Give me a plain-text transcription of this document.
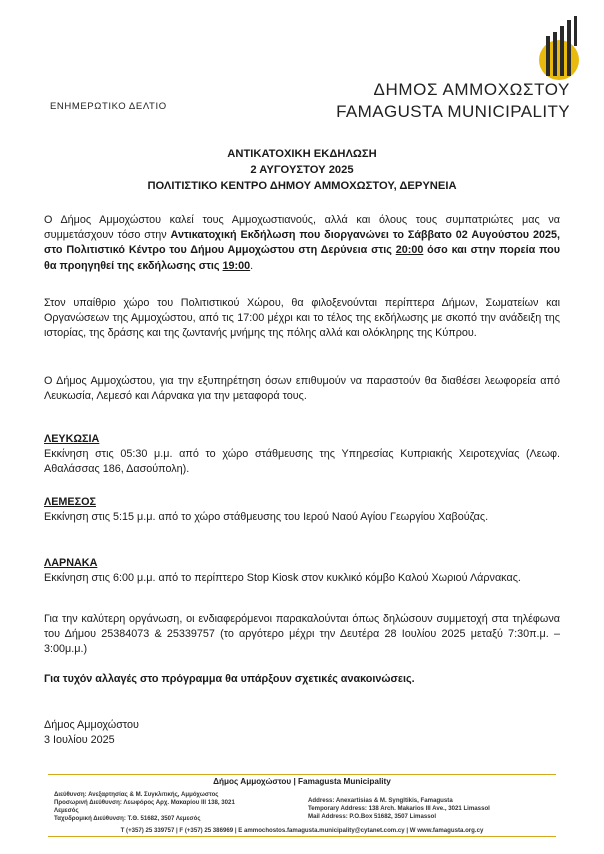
ΔΗΜΟΣ ΑΜΜΟΧΩΣΤΟΥ
FAMAGUSTA MUNICIPALITY
ΕΝΗΜΕΡΩΤΙΚΟ ΔΕΛΤΙΟ
ΑΝΤΙΚΑΤΟΧΙΚΗ ΕΚΔΗΛΩΣΗ
2 ΑΥΓΟΥΣΤΟΥ 2025
ΠΟΛΙΤΙΣΤΙΚΟ ΚΕΝΤΡΟ ΔΗΜΟΥ ΑΜΜΟΧΩΣΤΟΥ, ΔΕΡΥΝΕΙΑ

Ο Δήμος Αμμοχώστου καλεί τους Αμμοχωστιανούς, αλλά και όλους τους συμπατριώτες μας να συμμετάσχουν τόσο στην Αντικατοχική Εκδήλωση που διοργανώνει το Σάββατο 02 Αυγούστου 2025, στο Πολιτιστικό Κέντρο του Δήμου Αμμοχώστου στη Δερύνεια στις 20:00 όσο και στην πορεία που θα προηγηθεί της εκδήλωσης στις 19:00.

Στον υπαίθριο χώρο του Πολιτιστικού Χώρου, θα φιλοξενούνται περίπτερα Δήμων, Σωματείων και Οργανώσεων της Αμμοχώστου, από τις 17:00 μέχρι και το τέλος της εκδήλωσης με σκοπό την ανάδειξη της ιστορίας, της δράσης και της ζωντανής μνήμης της πόλης αλλά και ολόκληρης της Κύπρου.

Ο Δήμος Αμμοχώστου, για την εξυπηρέτηση όσων επιθυμούν να παραστούν θα διαθέσει λεωφορεία από Λευκωσία, Λεμεσό και Λάρνακα για την μεταφορά τους.

ΛΕΥΚΩΣΙΑ
Εκκίνηση στις 05:30 μ.μ. από το χώρο στάθμευσης της Υπηρεσίας Κυπριακής Χειροτεχνίας (Λεωφ. Αθαλάσσας 186, Δασούπολη).
ΛΕΜΕΣΟΣ
Εκκίνηση στις 5:15 μ.μ. από το χώρο στάθμευσης του Ιερού Ναού Αγίου Γεωργίου Χαβούζας.
ΛΑΡΝΑΚΑ
Εκκίνηση στις 6:00 μ.μ. από το περίπτερο Stop Kiosk στον κυκλικό κόμβο Καλού Χωριού Λάρνακας.

Για την καλύτερη οργάνωση, οι ενδιαφερόμενοι παρακαλούνται όπως δηλώσουν συμμετοχή στα τηλέφωνα του Δήμου 25384073 & 25339757 (το αργότερο μέχρι την Δευτέρα 28 Ιουλίου 2025 μεταξύ 7:30π.μ. – 3:00μ.μ.)

Για τυχόν αλλαγές στο πρόγραμμα θα υπάρξουν σχετικές ανακοινώσεις.

Δήμος Αμμοχώστου
3 Ιουλίου 2025
Δήμος Αμμοχώστου | Famagusta Municipality
Διεύθυνση: Ανεξαρτησίας & Μ. Συγκλιτικής, Αμμόχωστος
Προσωρινή Διεύθυνση: Λεωφόρος Αρχ. Μακαρίου ΙΙΙ 138, 3021
Λεμεσός
Ταχυδρομική Διεύθυνση: Τ.Θ. 51682, 3507 Λεμεσός
Address: Anexartisias & M. Syngltikis, Famagusta
Temporary Address: 138 Arch. Makarios III Ave., 3021 Limassol
Mail Address: P.O.Box 51682, 3507 Limassol
T (+357) 25 339757 | F (+357) 25 386969 | E ammochostos.famagusta.municipality@cytanet.com.cy | W www.famagusta.org.cy
